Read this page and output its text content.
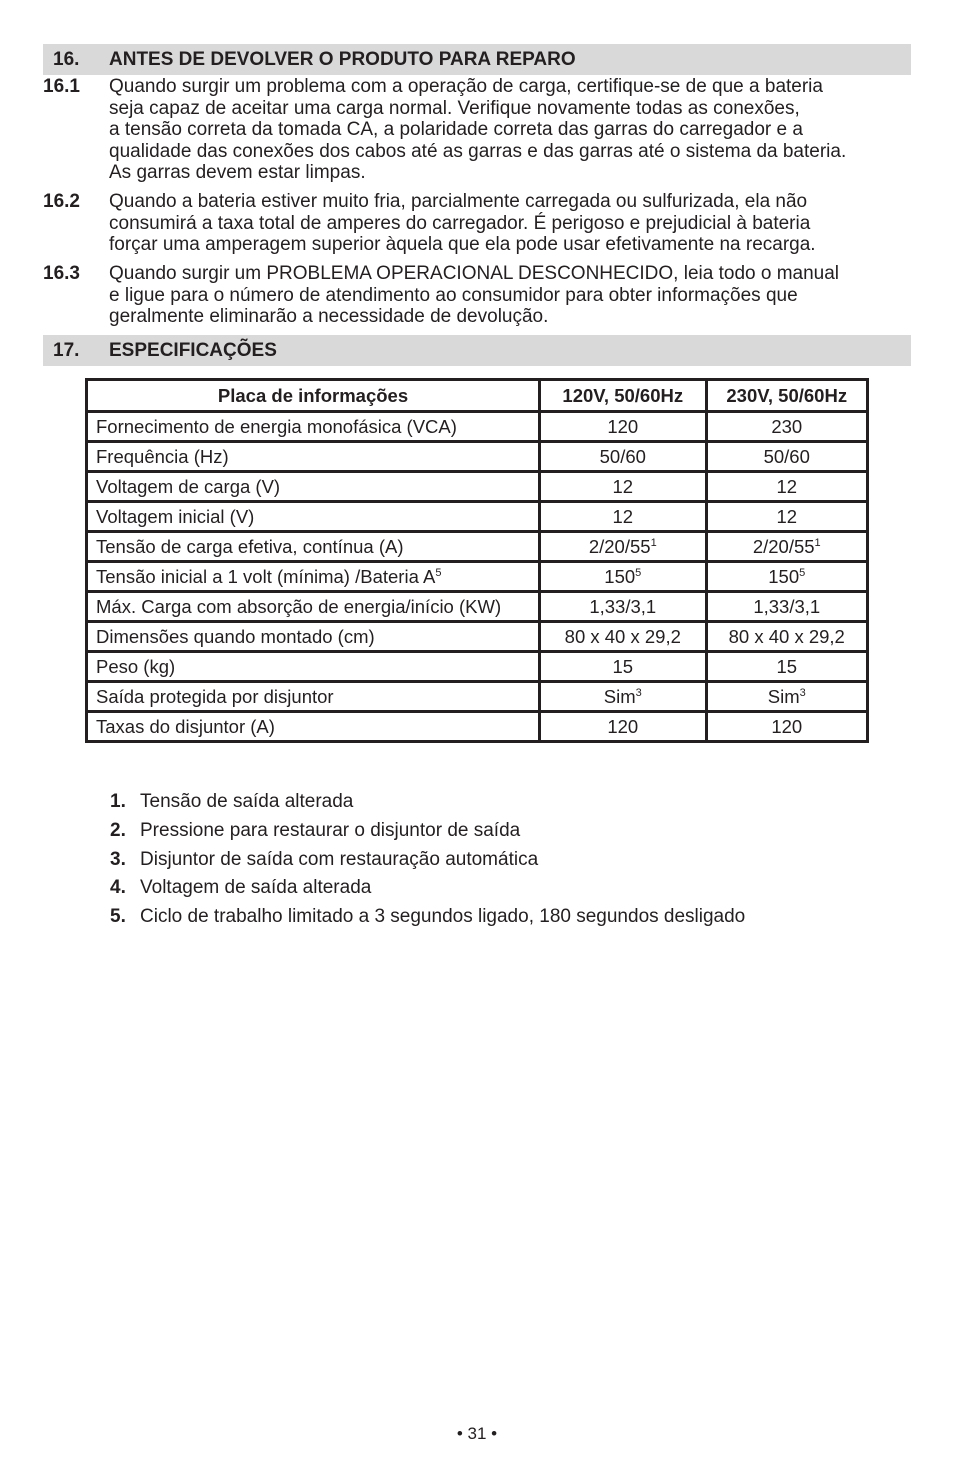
16. ANTES DE DEVOLVER O PRODUTO PARA REPARO
16.1 Quando surgir um problema com a operação de carga, certifique-se de que a bateria
seja capaz de aceitar uma carga normal. Verifique novamente todas as conexões,
a tensão correta da tomada CA, a polaridade correta das garras do carregador e a
qualidade das conexões dos cabos até as garras e das garras até o sistema da bateria.
As garras devem estar limpas.
16.2 Quando a bateria estiver muito fria, parcialmente carregada ou sulfurizada, ela não
consumirá a taxa total de amperes do carregador. É perigoso e prejudicial à bateria
forçar uma amperagem superior àquela que ela pode usar efetivamente na recarga.
16.3 Quando surgir um PROBLEMA OPERACIONAL DESCONHECIDO, leia todo o manual
e ligue para o número de atendimento ao consumidor para obter informações que
geralmente eliminarão a necessidade de devolução.
17. ESPECIFICAÇÕES
Placa de informações	120V, 50/60Hz	230V, 50/60Hz
Fornecimento de energia monofásica (VCA)	120	230
Frequência (Hz)	50/60	50/60
Voltagem de carga (V)	12	12
Voltagem inicial (V)	12	12
Tensão de carga efetiva, contínua (A)	$2/20/55^1$	$2/20/55^1$
Tensão inicial a 1 volt (mínima) /Bateria $A^5$	$150^5$	$150^5$
Máx. Carga com absorção de energia/início (KW)	1,33/3,1	1,33/3,1
Dimensões quando montado (cm)	80 x 40 x 29,2	80 x 40 x 29,2
Peso (kg)	15	15
Saída protegida por disjuntor	Sim$^3$	Sim$^3$
Taxas do disjuntor (A)	120	120
1. Tensão de saída alterada
2. Pressione para restaurar o disjuntor de saída
3. Disjuntor de saída com restauração automática
4. Voltagem de saída alterada
5. Ciclo de trabalho limitado a 3 segundos ligado, 180 segundos desligado
• 31 •
